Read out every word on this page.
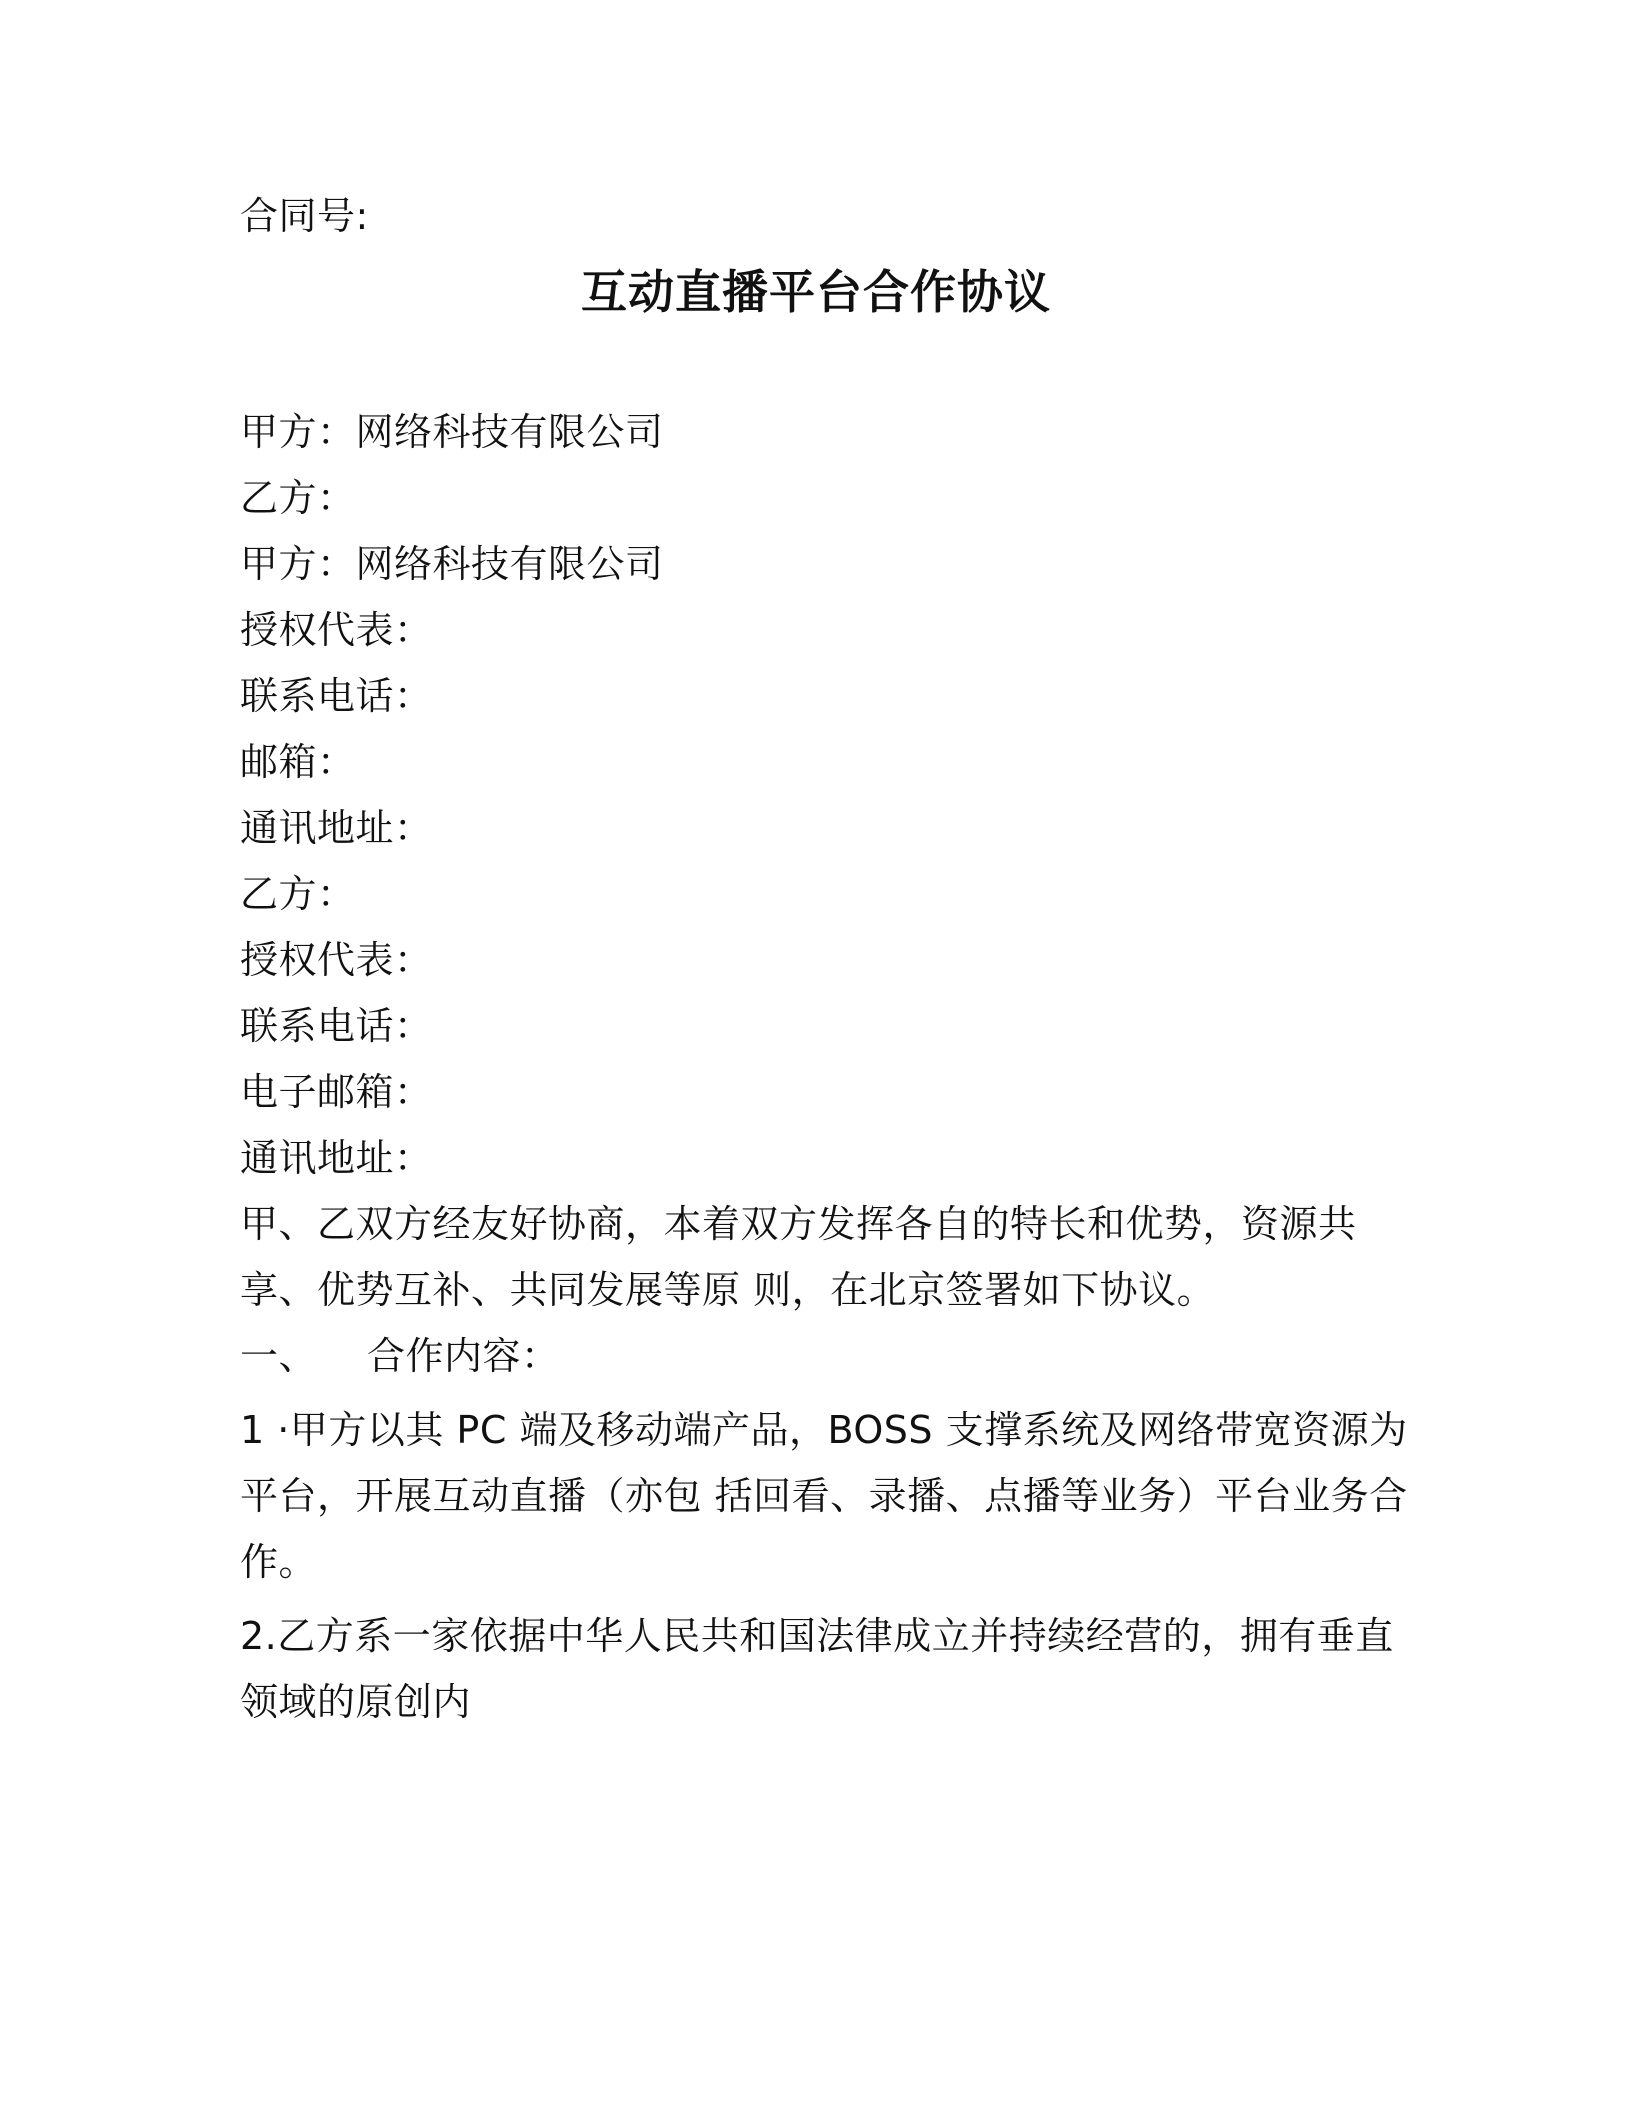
合同号:
互动直播平台合作协议
甲方：网络科技有限公司
乙方：
甲方：网络科技有限公司
授权代表：
联系电话：
邮箱：
通讯地址：
乙方：
授权代表：
联系电话：
电子邮箱：
通讯地址：
甲、乙双方经友好协商，本着双方发挥各自的特长和优势，资源共
享、优势互补、共同发展等原 则，在北京签署如下协议。
一、 合作内容：
1 ·甲方以其 PC 端及移动端产品，BOSS 支撑系统及网络带宽资源为
平台，开展互动直播（亦包 括回看、录播、点播等业务）平台业务合
作。
2.乙方系一家依据中华人民共和国法律成立并持续经营的，拥有垂直
领域的原创内
